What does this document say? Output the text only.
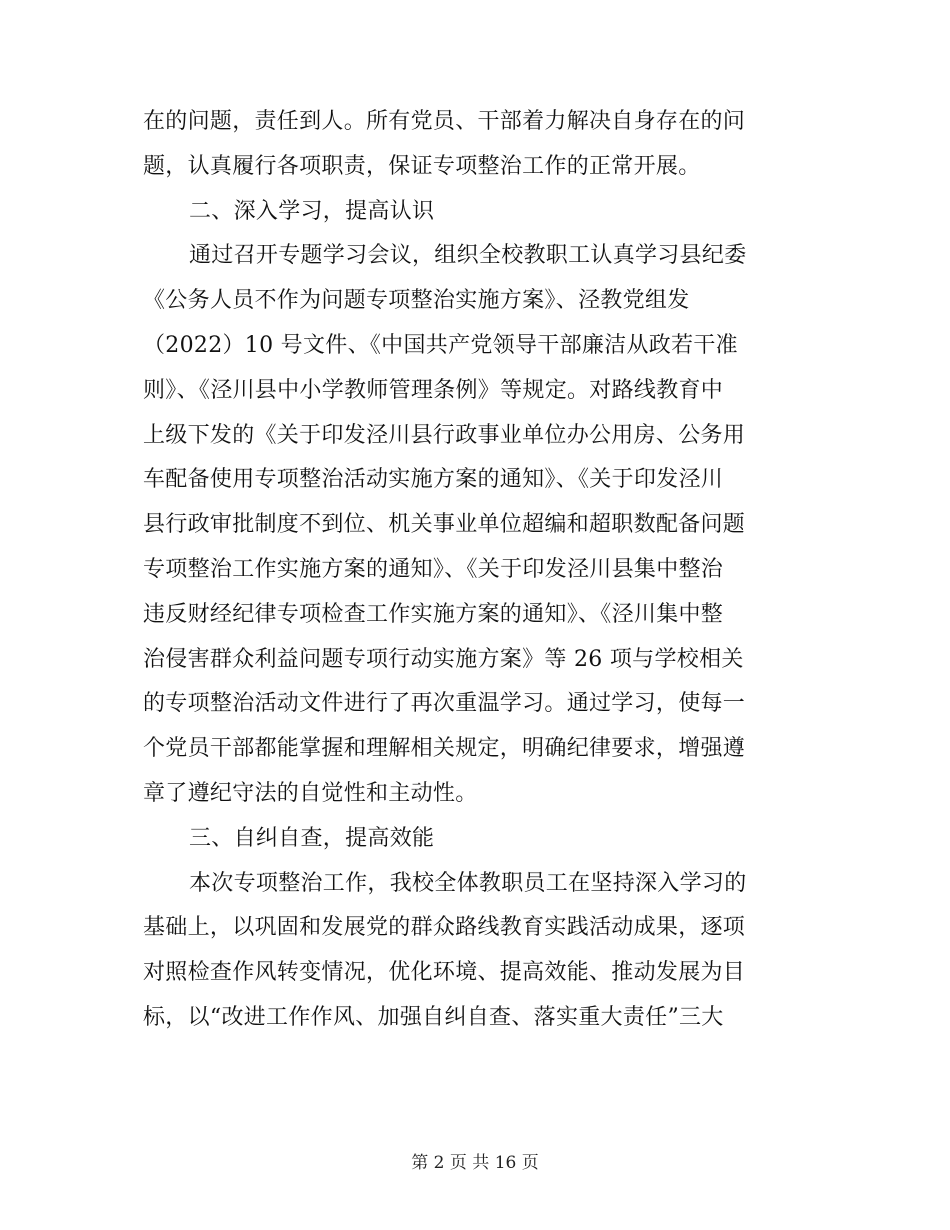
在的问题，责任到人。所有党员、干部着力解决自身存在的问
题，认真履行各项职责，保证专项整治工作的正常开展。
二、深入学习，提高认识
通过召开专题学习会议，组织全校教职工认真学习县纪委
《公务人员不作为问题专项整治实施方案》、泾教党组发
（2022）10 号文件、《中国共产党领导干部廉洁从政若干准
则》、《泾川县中小学教师管理条例》等规定。对路线教育中
上级下发的《关于印发泾川县行政事业单位办公用房、公务用
车配备使用专项整治活动实施方案的通知》、《关于印发泾川
县行政审批制度不到位、机关事业单位超编和超职数配备问题
专项整治工作实施方案的通知》、《关于印发泾川县集中整治
违反财经纪律专项检查工作实施方案的通知》、《泾川集中整
治侵害群众利益问题专项行动实施方案》等 26 项与学校相关
的专项整治活动文件进行了再次重温学习。通过学习，使每一
个党员干部都能掌握和理解相关规定，明确纪律要求，增强遵
章了遵纪守法的自觉性和主动性。
三、自纠自查，提高效能
本次专项整治工作，我校全体教职员工在坚持深入学习的
基础上，以巩固和发展党的群众路线教育实践活动成果，逐项
对照检查作风转变情况，优化环境、提高效能、推动发展为目
标，以“改进工作作风、加强自纠自查、落实重大责任”三大
第 2 页 共 16 页
